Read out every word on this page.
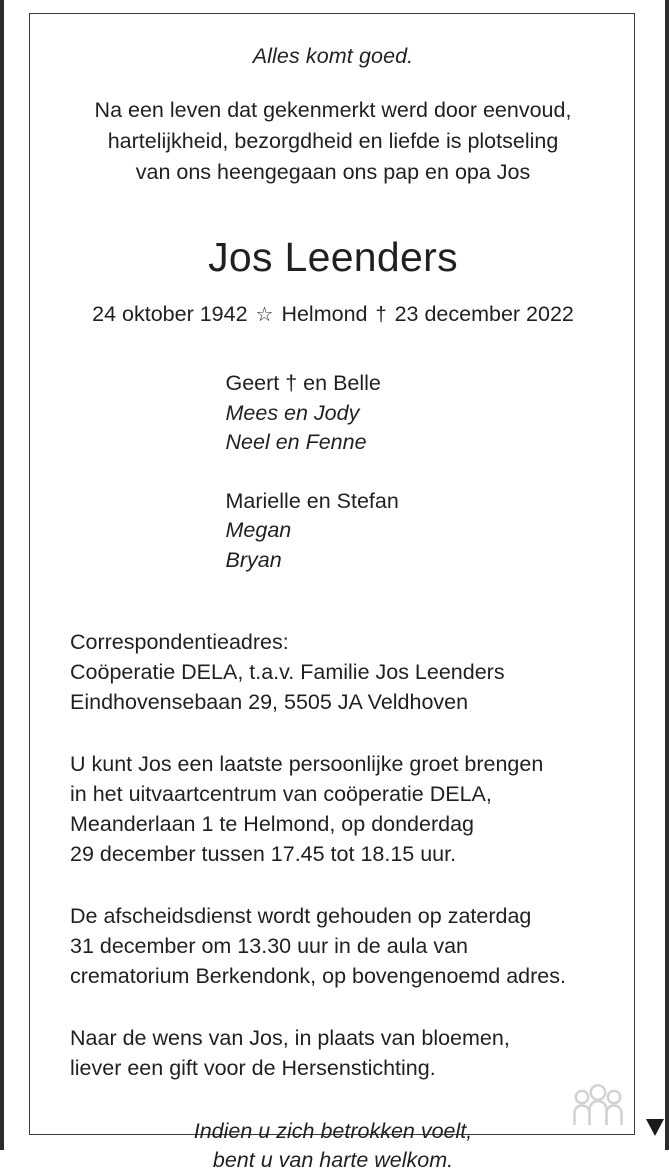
Alles komt goed.
Na een leven dat gekenmerkt werd door eenvoud,
hartelijkheid, bezorgdheid en liefde is plotseling
van ons heengegaan ons pap en opa Jos
Jos Leenders
24 oktober 1942 ☆ Helmond † 23 december 2022
Geert † en Belle
Mees en Jody
Neel en Fenne
Marielle en Stefan
Megan
Bryan
Correspondentieadres:
Coöperatie DELA, t.a.v. Familie Jos Leenders
Eindhovensebaan 29, 5505 JA Veldhoven
U kunt Jos een laatste persoonlijke groet brengen
in het uitvaartcentrum van coöperatie DELA,
Meanderlaan 1 te Helmond, op donderdag
29 december tussen 17.45 tot 18.15 uur.
De afscheidsdienst wordt gehouden op zaterdag
31 december om 13.30 uur in de aula van
crematorium Berkendonk, op bovengenoemd adres.
Naar de wens van Jos, in plaats van bloemen,
liever een gift voor de Hersenstichting.
Indien u zich betrokken voelt,
bent u van harte welkom.
